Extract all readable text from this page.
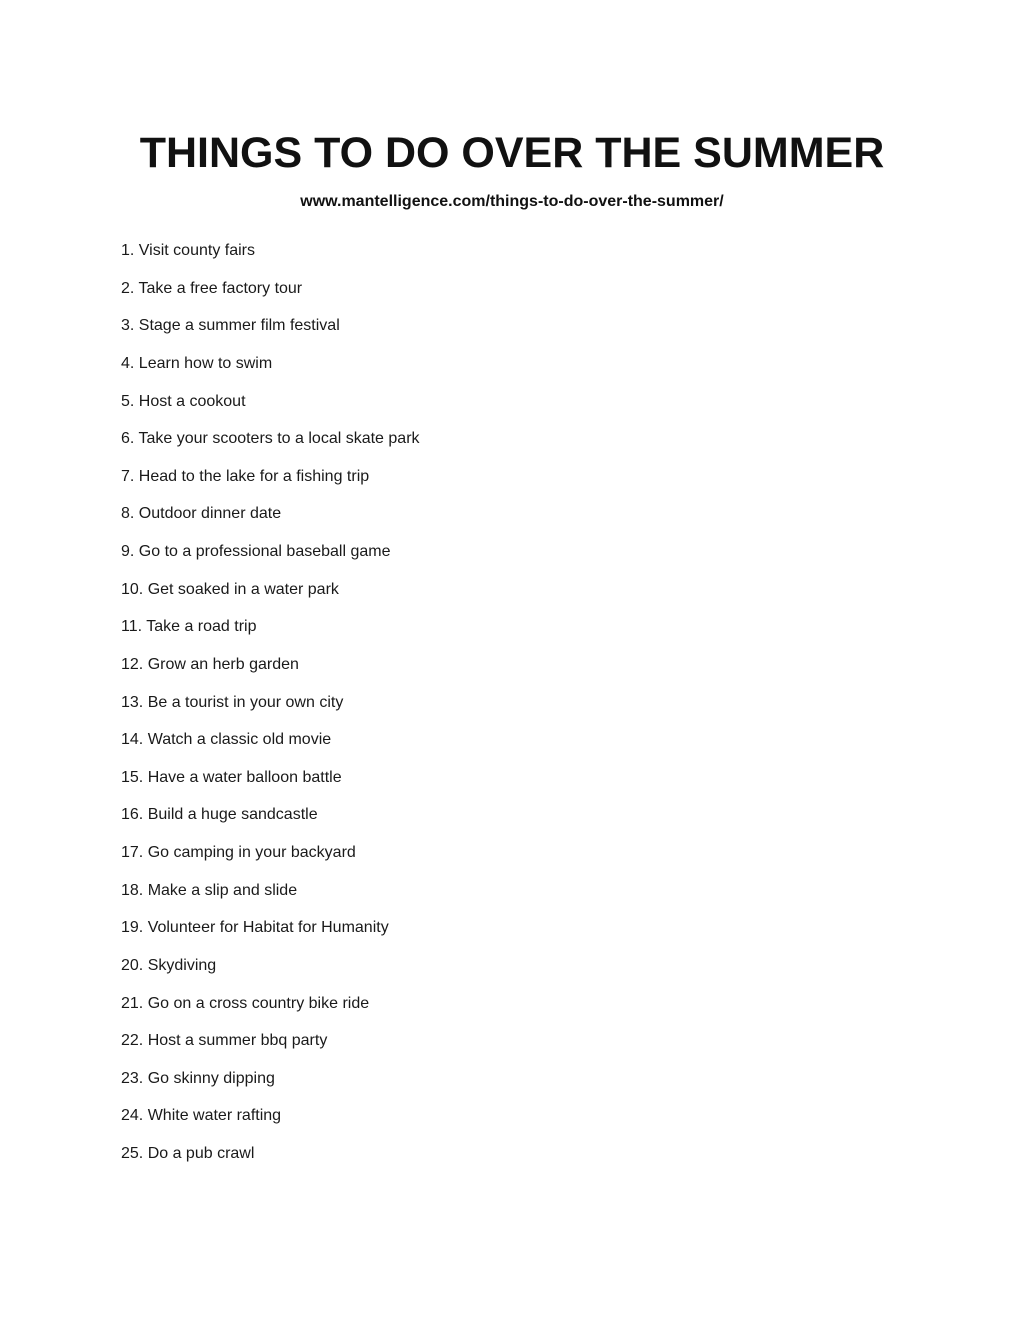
THINGS TO DO OVER THE SUMMER
www.mantelligence.com/things-to-do-over-the-summer/
1. Visit county fairs
2. Take a free factory tour
3. Stage a summer film festival
4. Learn how to swim
5. Host a cookout
6. Take your scooters to a local skate park
7. Head to the lake for a fishing trip
8. Outdoor dinner date
9. Go to a professional baseball game
10. Get soaked in a water park
11. Take a road trip
12. Grow an herb garden
13. Be a tourist in your own city
14. Watch a classic old movie
15. Have a water balloon battle
16. Build a huge sandcastle
17. Go camping in your backyard
18. Make a slip and slide
19. Volunteer for Habitat for Humanity
20. Skydiving
21. Go on a cross country bike ride
22. Host a summer bbq party
23. Go skinny dipping
24. White water rafting
25. Do a pub crawl
